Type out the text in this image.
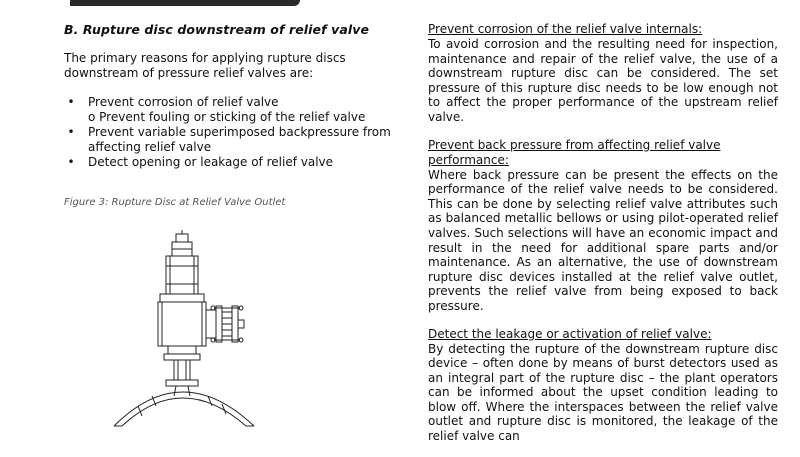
B. Rupture disc downstream of relief valve

The primary reasons for applying rupture discs downstream of pressure relief valves are:

• Prevent corrosion of relief valve
o Prevent fouling or sticking of the relief valve
• Prevent variable superimposed backpressure from affecting relief valve
• Detect opening or leakage of relief valve
Figure 3: Rupture Disc at Relief Valve Outlet

Prevent corrosion of the relief valve internals:

To avoid corrosion and the resulting need for inspection, maintenance and repair of the relief valve, the use of a downstream rupture disc can be considered. The set pressure of this rupture disc needs to be low enough not to affect the proper performance of the upstream relief valve.

Prevent back pressure from affecting relief valve performance:

Where back pressure can be present the effects on the performance of the relief valve needs to be considered. This can be done by selecting relief valve attributes such as balanced metallic bellows or using pilot-operated relief valves. Such selections will have an economic impact and result in the need for additional spare parts and/or maintenance. As an alternative, the use of downstream rupture disc devices installed at the relief valve outlet, prevents the relief valve from being exposed to back pressure.

Detect the leakage or activation of relief valve:

By detecting the rupture of the downstream rupture disc device – often done by means of burst detectors used as an integral part of the rupture disc – the plant operators can be informed about the upset condition leading to blow off. Where the interspaces between the relief valve outlet and rupture disc is monitored, the leakage of the relief valve can
